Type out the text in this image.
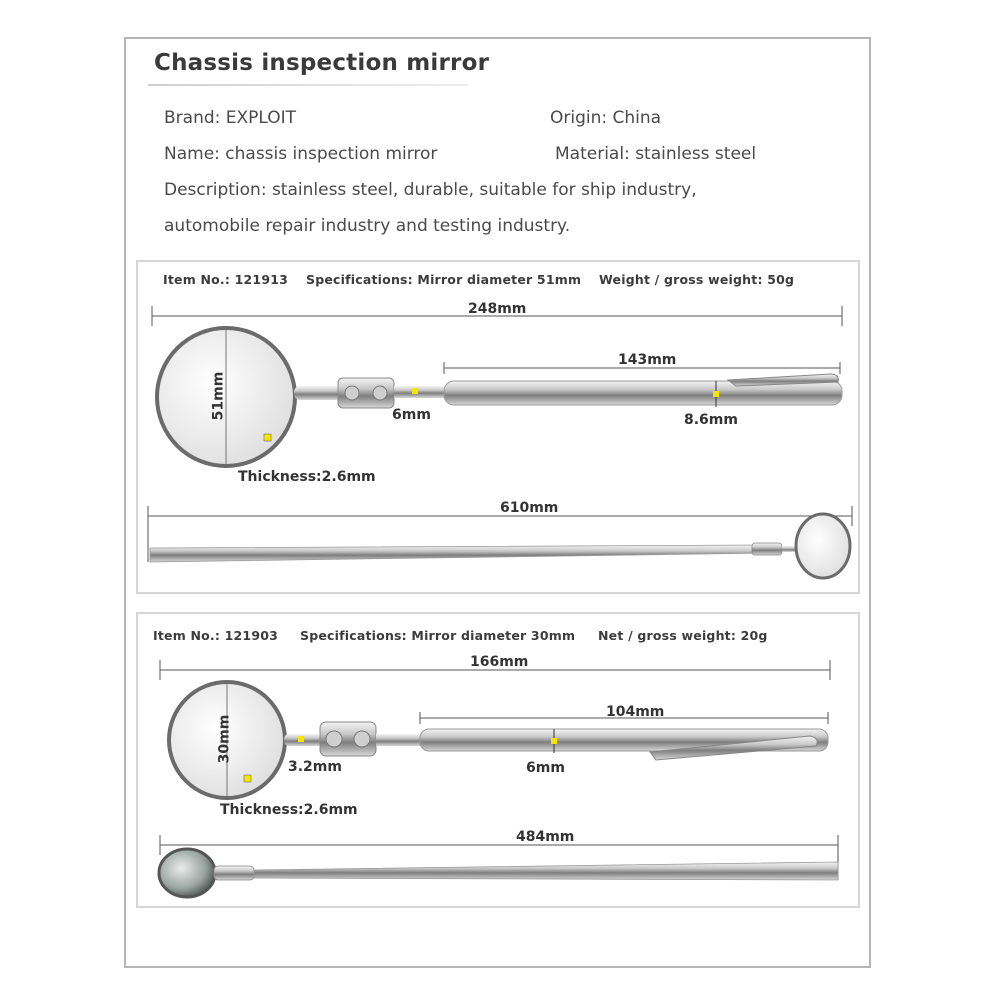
Chassis inspection mirror
Brand: EXPLOIT	Origin: China
Name: chassis inspection mirror	Material: stainless steel
Description: stainless steel, durable, suitable for ship industry,
automobile repair industry and testing industry.
Item No.: 121913 Specifications: Mirror diameter 51mm Weight / gross weight: 50g
248mm
143mm
51mm	6mm	8.6mm
Thickness:2.6mm
610mm
Item No.: 121903 Specifications: Mirror diameter 30mm Net / gross weight: 20g
166mm
104mm
30mm
3.2mm	6mm
Thickness:2.6mm
484mm
